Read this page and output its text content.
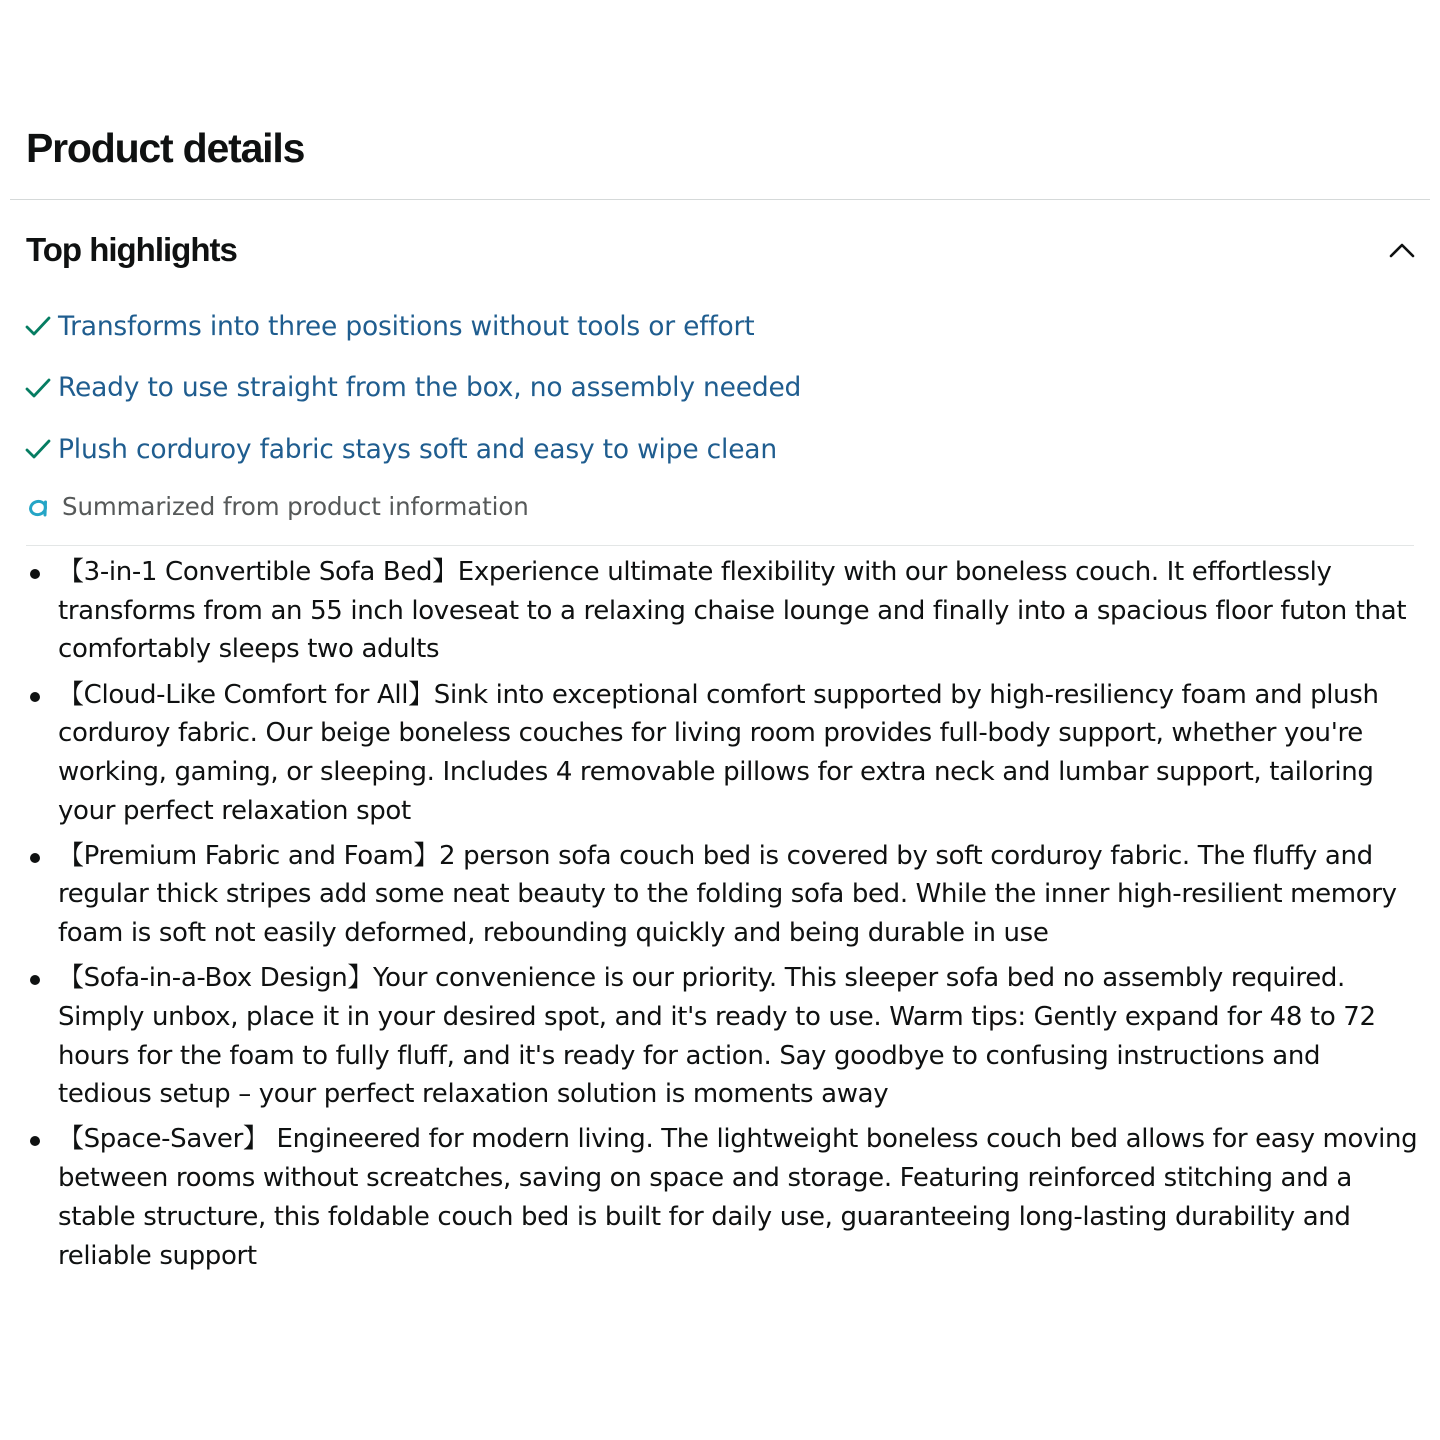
Product details
Top highlights
Transforms into three positions without tools or effort
Ready to use straight from the box, no assembly needed
Plush corduroy fabric stays soft and easy to wipe clean
Summarized from product information
【3-in-1 Convertible Sofa Bed】Experience ultimate flexibility with our boneless couch. It effortlessly transforms from an 55 inch loveseat to a relaxing chaise lounge and finally into a spacious floor futon that comfortably sleeps two adults
【Cloud-Like Comfort for All】Sink into exceptional comfort supported by high-resiliency foam and plush corduroy fabric. Our beige boneless couches for living room provides full-body support, whether you're working, gaming, or sleeping. Includes 4 removable pillows for extra neck and lumbar support, tailoring your perfect relaxation spot
【Premium Fabric and Foam】2 person sofa couch bed is covered by soft corduroy fabric. The fluffy and regular thick stripes add some neat beauty to the folding sofa bed. While the inner high-resilient memory foam is soft not easily deformed, rebounding quickly and being durable in use
【Sofa-in-a-Box Design】Your convenience is our priority. This sleeper sofa bed no assembly required. Simply unbox, place it in your desired spot, and it's ready to use. Warm tips: Gently expand for 48 to 72 hours for the foam to fully fluff, and it's ready for action. Say goodbye to confusing instructions and tedious setup – your perfect relaxation solution is moments away
【Space-Saver】 Engineered for modern living. The lightweight boneless couch bed allows for easy moving between rooms without screatches, saving on space and storage. Featuring reinforced stitching and a stable structure, this foldable couch bed is built for daily use, guaranteeing long-lasting durability and reliable support
